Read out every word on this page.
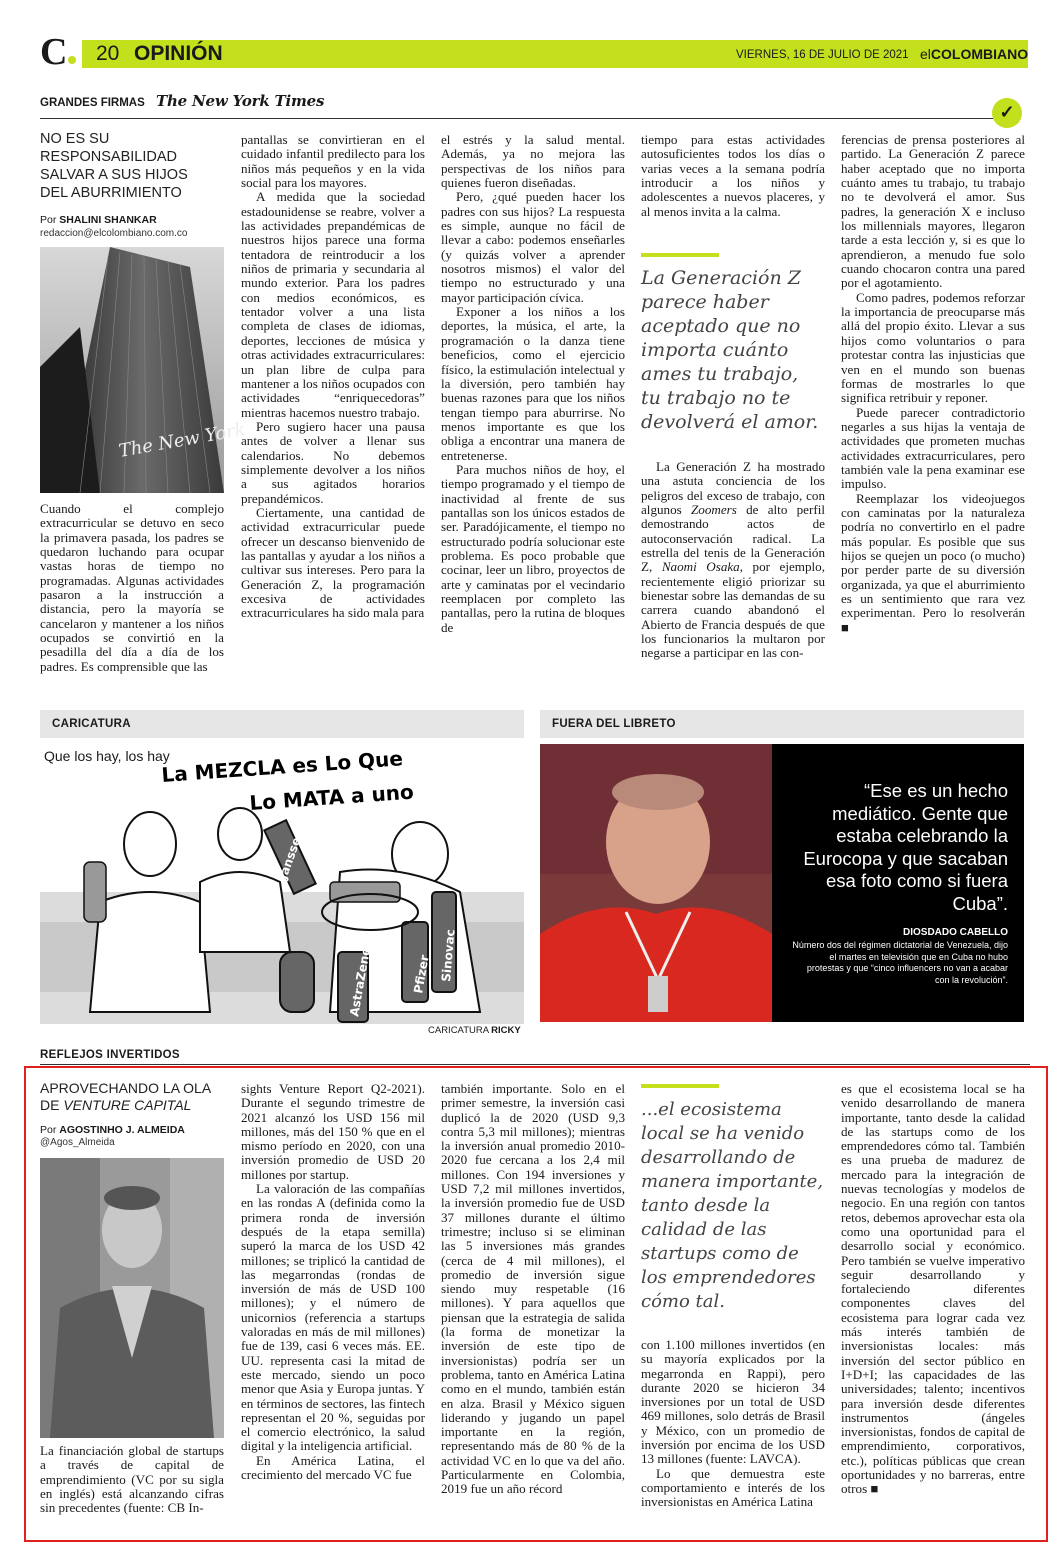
C	20 OPINIÓN	VIERNES, 16 DE JULIO DE 2021 elCOLOMBIANO
GRANDES FIRMAS The New York Times
✓
NO ES SU RESPONSABILIDAD SALVAR A SUS HIJOS DEL ABURRIMIENTO
Por SHALINI SHANKAR
redaccion@elcolombiano.com.co
The New York

Cuando el complejo extracurricular se detuvo en seco la primavera pasada, los padres se quedaron luchando para ocupar vastas horas de tiempo no programadas. Algunas actividades pasaron a la instrucción a distancia, pero la mayoría se cancelaron y mantener a los niños ocupados se convirtió en la pesadilla del día a día de los padres. Es comprensible que las

pantallas se convirtieran en el cuidado infantil predilecto para los niños más pequeños y en la vida social para los mayores.

A medida que la sociedad estadounidense se reabre, volver a las actividades prepandémicas de nuestros hijos parece una forma tentadora de reintroducir a los niños de primaria y secundaria al mundo exterior. Para los padres con medios económicos, es tentador volver a una lista completa de clases de idiomas, deportes, lecciones de música y otras actividades extracurriculares: un plan libre de culpa para mantener a los niños ocupados con actividades “enriquecedoras” mientras hacemos nuestro trabajo.

Pero sugiero hacer una pausa antes de volver a llenar sus calendarios. No debemos simplemente devolver a los niños a sus agitados horarios prepandémicos.

Ciertamente, una cantidad de actividad extracurricular puede ofrecer un descanso bienvenido de las pantallas y ayudar a los niños a cultivar sus intereses. Pero para la Generación Z, la programación excesiva de actividades extracurriculares ha sido mala para

el estrés y la salud mental. Además, ya no mejora las perspectivas de los niños para quienes fueron diseñadas.

Pero, ¿qué pueden hacer los padres con sus hijos? La respuesta es simple, aunque no fácil de llevar a cabo: podemos enseñarles (y quizás volver a aprender nosotros mismos) el valor del tiempo no estructurado y una mayor participación cívica.

Exponer a los niños a los deportes, la música, el arte, la programación o la danza tiene beneficios, como el ejercicio físico, la estimulación intelectual y la diversión, pero también hay buenas razones para que los niños tengan tiempo para aburrirse. No menos importante es que los obliga a encontrar una manera de entretenerse.

Para muchos niños de hoy, el tiempo programado y el tiempo de inactividad al frente de sus pantallas son los únicos estados de ser. Paradójicamente, el tiempo no estructurado podría solucionar este problema. Es poco probable que cocinar, leer un libro, proyectos de arte y caminatas por el vecindario reemplacen por completo las pantallas, pero la rutina de bloques de

tiempo para estas actividades autosuficientes todos los días o varias veces a la semana podría introducir a los niños y adolescentes a nuevos placeres, y al menos invita a la calma.

La Generación Z parece haber aceptado que no importa cuánto ames tu trabajo, tu trabajo no te devolverá el amor.

La Generación Z ha mostrado una astuta conciencia de los peligros del exceso de trabajo, con algunos Zoomers de alto perfil demostrando actos de autoconservación radical. La estrella del tenis de la Generación Z, Naomi Osaka, por ejemplo, recientemente eligió priorizar su bienestar sobre las demandas de su carrera cuando abandonó el Abierto de Francia después de que los funcionarios la multaron por negarse a participar en las con-

ferencias de prensa posteriores al partido. La Generación Z parece haber aceptado que no importa cuánto ames tu trabajo, tu trabajo no te devolverá el amor. Sus padres, la generación X e incluso los millennials mayores, llegaron tarde a esta lección y, si es que lo aprendieron, a menudo fue solo cuando chocaron contra una pared por el agotamiento.

Como padres, podemos reforzar la importancia de preocuparse más allá del propio éxito. Llevar a sus hijos como voluntarios o para protestar contra las injusticias que ven en el mundo son buenas formas de mostrarles lo que significa retribuir y reponer.

Puede parecer contradictorio negarles a sus hijas la ventaja de actividades que prometen muchas actividades extracurriculares, pero también vale la pena examinar ese impulso.

Reemplazar los videojuegos con caminatas por la naturaleza podría no convertirlo en el padre más popular. Es posible que sus hijos se quejen un poco (o mucho) por perder parte de su diversión organizada, ya que el aburrimiento es un sentimiento que rara vez experimentan. Pero lo resolverán ■

CARICATURA
Que los hay, los hay
La MEZCLA es Lo Que
Lo MATA a uno
Janssen
AstraZeneca	Pfizer Sinovac
CARICATURA RICKY
FUERA DEL LIBRETO
“Ese es un hecho mediático. Gente que estaba celebrando la Eurocopa y que sacaban esa foto como si fuera Cuba”.
DIOSDADO CABELLO
Número dos del régimen dictatorial de Venezuela, dijo el martes en televisión que en Cuba no hubo protestas y que “cinco influencers no van a acabar con la revolución”.
REFLEJOS INVERTIDOS
APROVECHANDO LA OLA
DE VENTURE CAPITAL
Por AGOSTINHO J. ALMEIDA
@Agos_Almeida

La financiación global de startups a través de capital de emprendimiento (VC por su sigla en inglés) está alcanzando cifras sin precedentes (fuente: CB In-

sights Venture Report Q2-2021). Durante el segundo trimestre de 2021 alcanzó los USD 156 mil millones, más del 150 % que en el mismo período en 2020, con una inversión promedio de USD 20 millones por startup.

La valoración de las compañías en las rondas A (definida como la primera ronda de inversión después de la etapa semilla) superó la marca de los USD 42 millones; se triplicó la cantidad de las megarrondas (rondas de inversión de más de USD 100 millones); y el número de unicornios (referencia a startups valoradas en más de mil millones) fue de 139, casi 6 veces más. EE. UU. representa casi la mitad de este mercado, siendo un poco menor que Asia y Europa juntas. Y en términos de sectores, las fintech representan el 20 %, seguidas por el comercio electrónico, la salud digital y la inteligencia artificial.

En América Latina, el crecimiento del mercado VC fue

también importante. Solo en el primer semestre, la inversión casi duplicó la de 2020 (USD 9,3 contra 5,3 mil millones); mientras la inversión anual promedio 2010-2020 fue cercana a los 2,4 mil millones. Con 194 inversiones y USD 7,2 mil millones invertidos, la inversión promedio fue de USD 37 millones durante el último trimestre; incluso si se eliminan las 5 inversiones más grandes (cerca de 4 mil millones), el promedio de inversión sigue siendo muy respetable (16 millones). Y para aquellos que piensan que la estrategia de salida (la forma de monetizar la inversión de este tipo de inversionistas) podría ser un problema, tanto en América Latina como en el mundo, también están en alza. Brasil y México siguen liderando y jugando un papel importante en la región, representando más de 80 % de la actividad VC en lo que va del año. Particularmente en Colombia, 2019 fue un año récord

...el ecosistema local se ha venido desarrollando de manera importante, tanto desde la calidad de las startups como de los emprendedores cómo tal.

con 1.100 millones invertidos (en su mayoría explicados por la megarronda en Rappi), pero durante 2020 se hicieron 34 inversiones por un total de USD 469 millones, solo detrás de Brasil y México, con un promedio de inversión por encima de los USD 13 millones (fuente: LAVCA).

Lo que demuestra este comportamiento e interés de los inversionistas en América Latina

es que el ecosistema local se ha venido desarrollando de manera importante, tanto desde la calidad de las startups como de los emprendedores cómo tal. También es una prueba de madurez de mercado para la integración de nuevas tecnologías y modelos de negocio. En una región con tantos retos, debemos aprovechar esta ola como una oportunidad para el desarrollo social y económico. Pero también se vuelve imperativo seguir desarrollando y fortaleciendo diferentes componentes claves del ecosistema para lograr cada vez más interés también de inversionistas locales: más inversión del sector público en I+D+I; las capacidades de las universidades; talento; incentivos para inversión desde diferentes instrumentos (ángeles inversionistas, fondos de capital de emprendimiento, corporativos, etc.), políticas públicas que crean oportunidades y no barreras, entre otros ■
